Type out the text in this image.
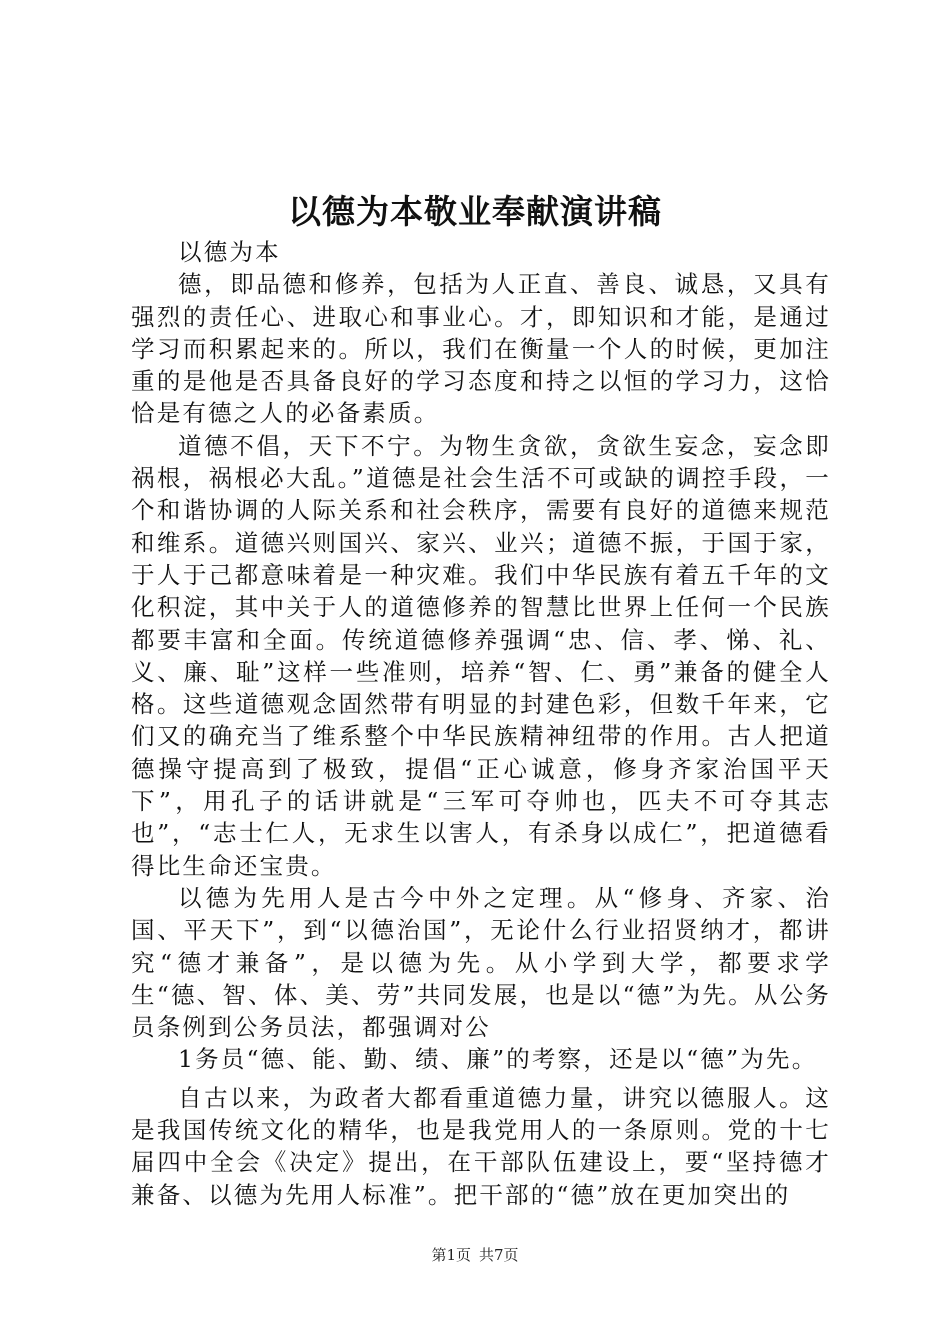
以德为本敬业奉献演讲稿

以德为本

德，即品德和修养，包括为人正直、善良、诚恳，又具有强烈的责任心、进取心和事业心。才，即知识和才能，是通过学习而积累起来的。所以，我们在衡量一个人的时候，更加注重的是他是否具备良好的学习态度和持之以恒的学习力，这恰恰是有德之人的必备素质。

道德不倡，天下不宁。为物生贪欲，贪欲生妄念，妄念即祸根，祸根必大乱。”道德是社会生活不可或缺的调控手段，一个和谐协调的人际关系和社会秩序，需要有良好的道德来规范和维系。道德兴则国兴、家兴、业兴；道德不振，于国于家，于人于己都意味着是一种灾难。我们中华民族有着五千年的文化积淀，其中关于人的道德修养的智慧比世界上任何一个民族都要丰富和全面。传统道德修养强调“忠、信、孝、悌、礼、义、廉、耻”这样一些准则，培养“智、仁、勇”兼备的健全人格。这些道德观念固然带有明显的封建色彩，但数千年来，它们又的确充当了维系整个中华民族精神纽带的作用。古人把道德操守提高到了极致，提倡“正心诚意，修身齐家治国平天下”，用孔子的话讲就是“三军可夺帅也，匹夫不可夺其志也”，“志士仁人，无求生以害人，有杀身以成仁”，把道德看得比生命还宝贵。

以德为先用人是古今中外之定理。从“修身、齐家、治国、平天下”，到“以德治国”，无论什么行业招贤纳才，都讲究“德才兼备”，是以德为先。从小学到大学，都要求学生“德、智、体、美、劳”共同发展，也是以“德”为先。从公务员条例到公务员法，都强调对公

1务员“德、能、勤、绩、廉”的考察，还是以“德”为先。

自古以来，为政者大都看重道德力量，讲究以德服人。这是我国传统文化的精华，也是我党用人的一条原则。党的十七届四中全会《决定》提出，在干部队伍建设上，要“坚持德才兼备、以德为先用人标准”。把干部的“德”放在更加突出的

第1页 共7页
